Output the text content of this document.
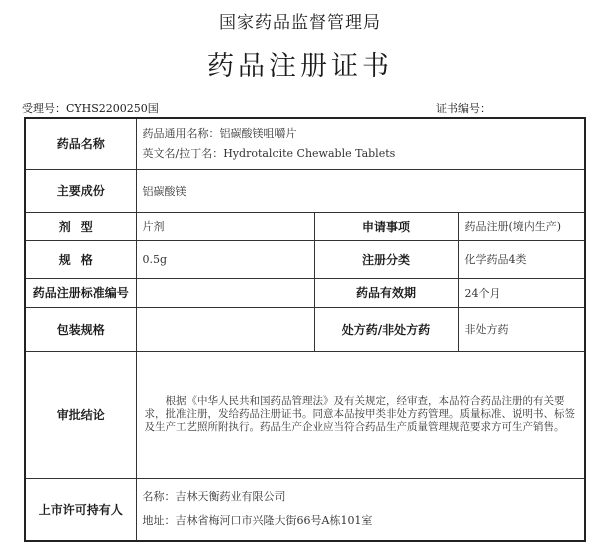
国家药品监督管理局
药品注册证书
受理号：CYHS2200250国	证书编号：
药品名称	药品通用名称：铝碳酸镁咀嚼片
英文名/拉丁名：Hydrotalcite Chewable Tablets		

主要成份	铝碳酸镁		
剂型	片剂	申请事项	药品注册(境内生产)
规格	0.5g	注册分类	化学药品4类
药品注册标准编号		药品有效期	24个月
包装规格		处方药/非处方药	非处方药
审批结论	根据《中华人民共和国药品管理法》及有关规定，经审查，本品符合药品注册的有关要求，批准注册，发给药品注册证书。同意本品按甲类非处方药管理。质量标准、说明书、标签及生产工艺照所附执行。药品生产企业应当符合药品生产质量管理规范要求方可生产销售。		

上市许可持有人	名称：吉林天衡药业有限公司
地址：吉林省梅河口市兴隆大街66号A栋101室		
